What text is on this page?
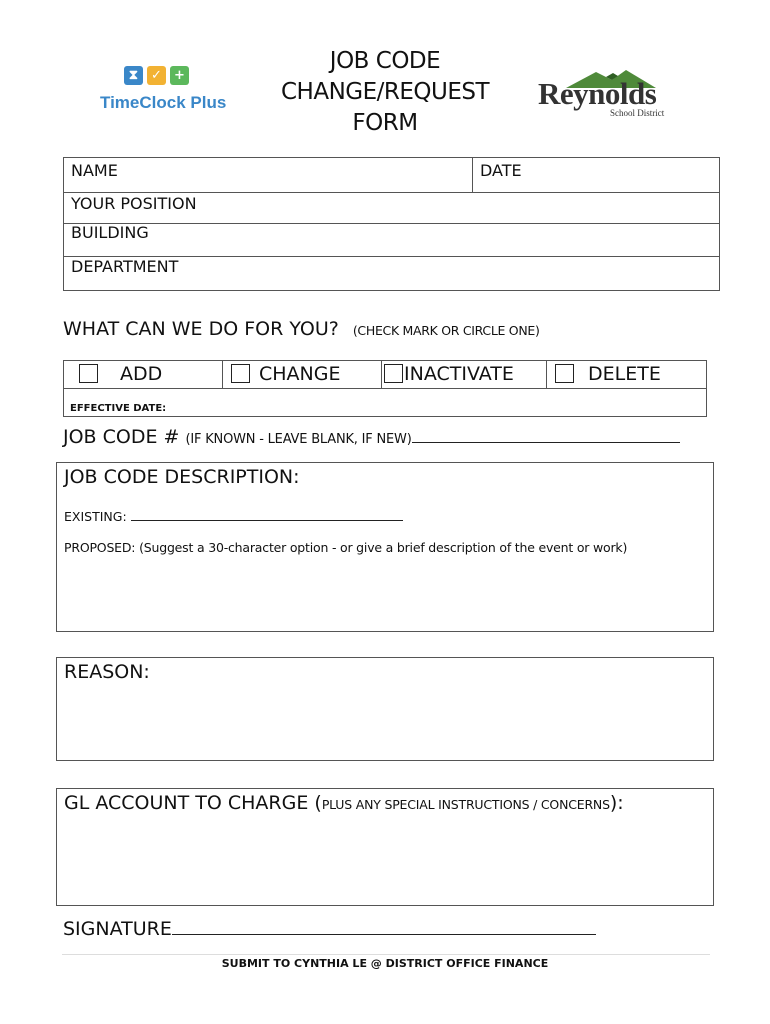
⧗ ✓ +
TimeClock Plus
JOB CODE
CHANGE/REQUEST
FORM
Reynolds
School District
NAME	DATE
YOUR POSITION
BUILDING
DEPARTMENT
WHAT CAN WE DO FOR YOU? (CHECK MARK OR CIRCLE ONE)
ADD	CHANGE	INACTIVATE	DELETE
EFFECTIVE DATE:
JOB CODE # (IF KNOWN - LEAVE BLANK, IF NEW)
JOB CODE DESCRIPTION:
EXISTING:
PROPOSED: (Suggest a 30-character option - or give a brief description of the event or work)
REASON:
GL ACCOUNT TO CHARGE (PLUS ANY SPECIAL INSTRUCTIONS / CONCERNS):
SIGNATURE
SUBMIT TO CYNTHIA LE @ DISTRICT OFFICE FINANCE
